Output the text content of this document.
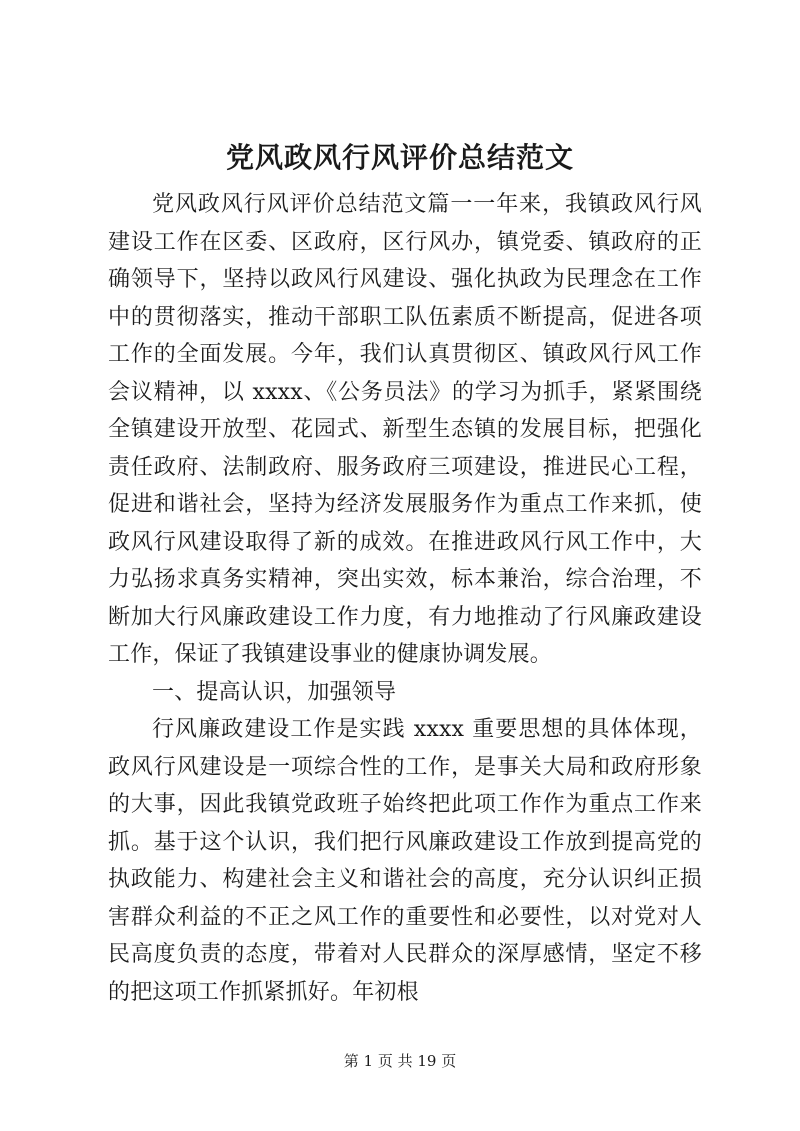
党风政风行风评价总结范文

党风政风行风评价总结范文篇一一年来，我镇政风行风建设工作在区委、区政府，区行风办，镇党委、镇政府的正确领导下，坚持以政风行风建设、强化执政为民理念在工作中的贯彻落实，推动干部职工队伍素质不断提高，促进各项工作的全面发展。今年，我们认真贯彻区、镇政风行风工作会议精神，以 xxxx、《公务员法》的学习为抓手，紧紧围绕全镇建设开放型、花园式、新型生态镇的发展目标，把强化责任政府、法制政府、服务政府三项建设，推进民心工程，促进和谐社会，坚持为经济发展服务作为重点工作来抓，使政风行风建设取得了新的成效。在推进政风行风工作中，大力弘扬求真务实精神，突出实效，标本兼治，综合治理，不断加大行风廉政建设工作力度，有力地推动了行风廉政建设工作，保证了我镇建设事业的健康协调发展。

一、提高认识，加强领导

行风廉政建设工作是实践 xxxx 重要思想的具体体现，政风行风建设是一项综合性的工作，是事关大局和政府形象的大事，因此我镇党政班子始终把此项工作作为重点工作来抓。基于这个认识，我们把行风廉政建设工作放到提高党的执政能力、构建社会主义和谐社会的高度，充分认识纠正损害群众利益的不正之风工作的重要性和必要性，以对党对人民高度负责的态度，带着对人民群众的深厚感情，坚定不移的把这项工作抓紧抓好。年初根

第 1 页 共 19 页
